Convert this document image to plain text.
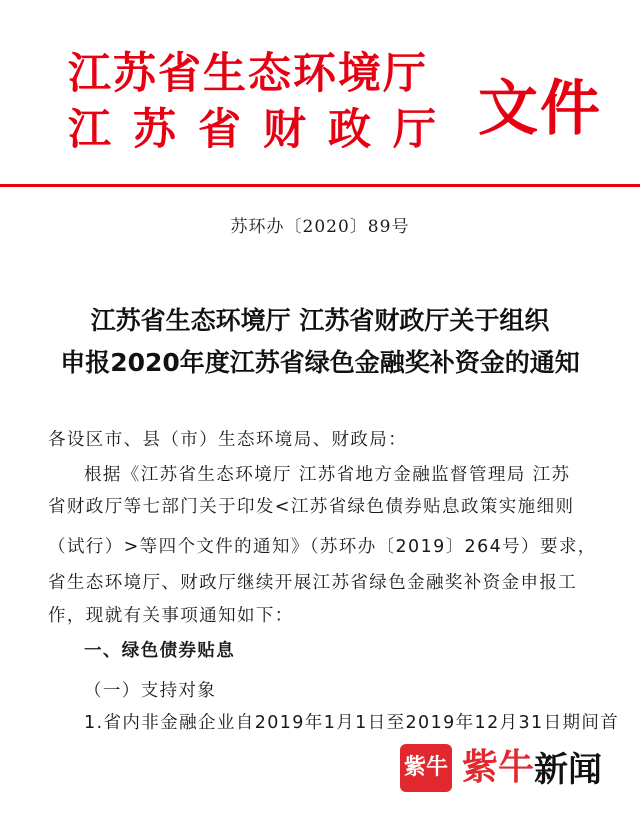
江苏省生态环境厅
江苏省财政厅 文件
苏环办〔2020〕89号
江苏省生态环境厅 江苏省财政厅关于组织
申报2020年度江苏省绿色金融奖补资金的通知
各设区市、县（市）生态环境局、财政局：
根据《江苏省生态环境厅 江苏省地方金融监督管理局 江苏
省财政厅等七部门关于印发<江苏省绿色债券贴息政策实施细则
（试行）>等四个文件的通知》（苏环办〔2019〕264号）要求，
省生态环境厅、财政厅继续开展江苏省绿色金融奖补资金申报工
作，现就有关事项通知如下：
一、绿色债券贴息
（一）支持对象
1.省内非金融企业自2019年1月1日至2019年12月31日期间首
紫牛 紫牛 新闻
